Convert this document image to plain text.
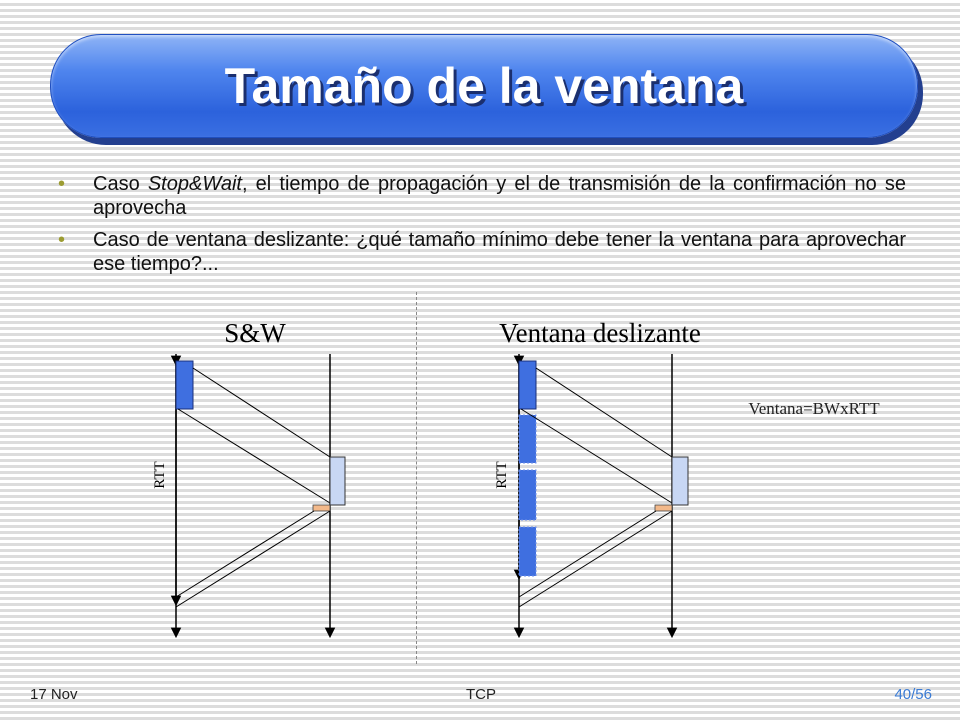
Tamaño de la ventana
• Caso Stop&Wait, el tiempo de propagación y el de transmisión de la confirmación no se aprovecha
• Caso de ventana deslizante: ¿qué tamaño mínimo debe tener la ventana para aprovechar ese tiempo?...
S&W
RTT
Ventana deslizante
RTT
Ventana=BWxRTT
17 Nov	TCP	40/56
